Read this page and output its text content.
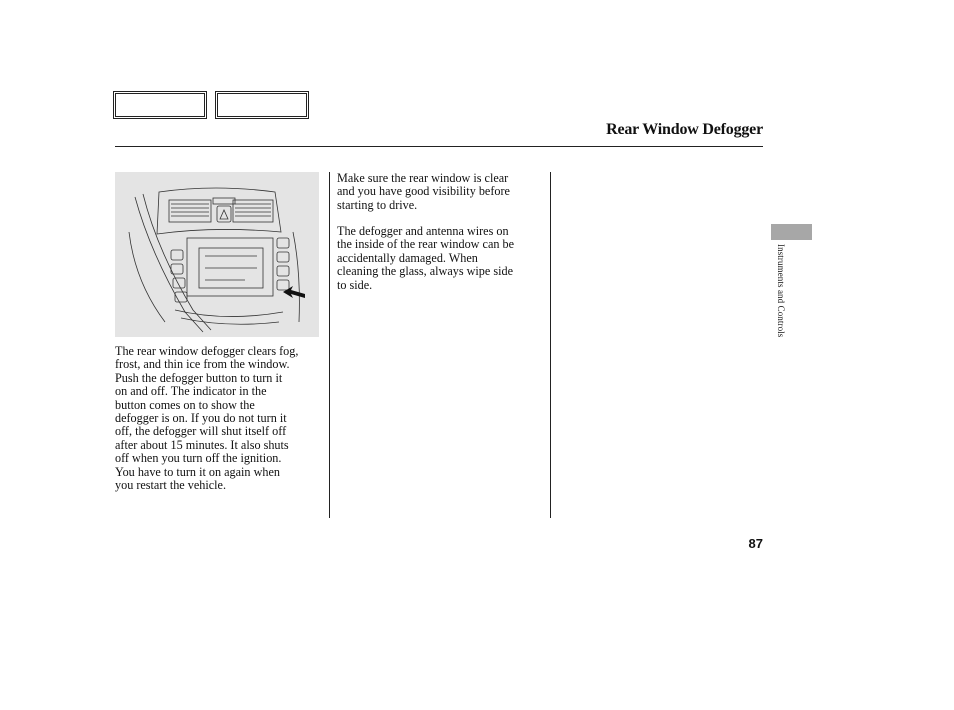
Rear Window Defogger
The rear window defogger clears fog,
frost, and thin ice from the window.
Push the defogger button to turn it
on and off. The indicator in the
button comes on to show the
defogger is on. If you do not turn it
off, the defogger will shut itself off
after about 15 minutes. It also shuts
off when you turn off the ignition.
You have to turn it on again when
you restart the vehicle.
Make sure the rear window is clear
and you have good visibility before
starting to drive.
The defogger and antenna wires on
the inside of the rear window can be
accidentally damaged. When
cleaning the glass, always wipe side
to side.	Instruments and Controls
87
